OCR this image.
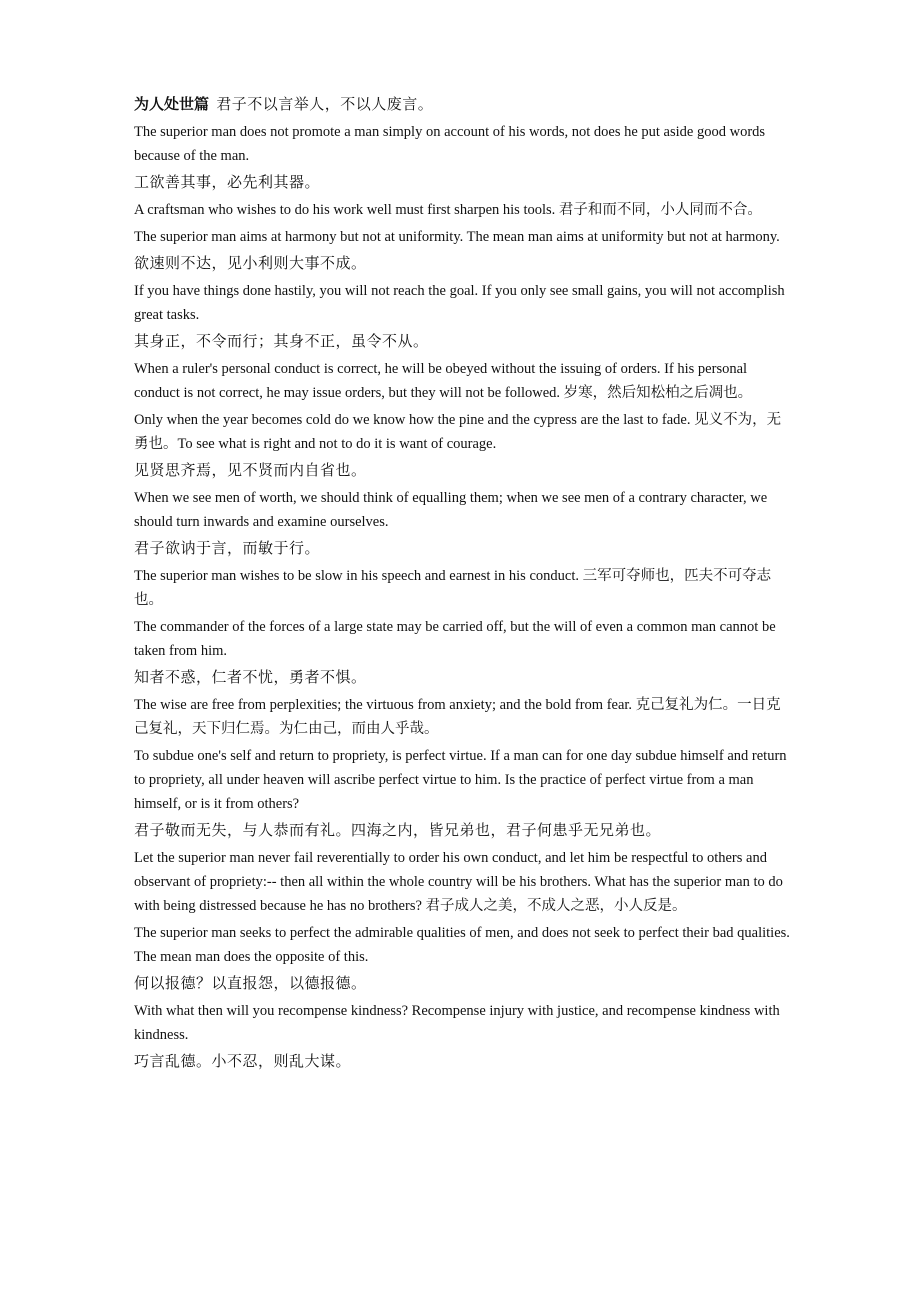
为人处世篇 君子不以言举人，不以人废言。

The superior man does not promote a man simply on account of his words, not does he put aside good words because of the man.

工欲善其事，必先利其器。

A craftsman who wishes to do his work well must first sharpen his tools. 君子和而不同，小人同而不合。

The superior man aims at harmony but not at uniformity. The mean man aims at uniformity but not at harmony.

欲速则不达，见小利则大事不成。

If you have things done hastily, you will not reach the goal. If you only see small gains, you will not accomplish great tasks.

其身正，不令而行；其身不正，虽令不从。

When a ruler's personal conduct is correct, he will be obeyed without the issuing of orders. If his personal conduct is not correct, he may issue orders, but they will not be followed. 岁寒，然后知松柏之后凋也。

Only when the year becomes cold do we know how the pine and the cypress are the last to fade. 见义不为，无勇也。To see what is right and not to do it is want of courage.

见贤思齐焉，见不贤而内自省也。

When we see men of worth, we should think of equalling them; when we see men of a contrary character, we should turn inwards and examine ourselves.

君子欲讷于言，而敏于行。

The superior man wishes to be slow in his speech and earnest in his conduct. 三军可夺师也，匹夫不可夺志也。

The commander of the forces of a large state may be carried off, but the will of even a common man cannot be taken from him.

知者不惑，仁者不忧，勇者不惧。

The wise are free from perplexities; the virtuous from anxiety; and the bold from fear. 克己复礼为仁。一日克己复礼，天下归仁焉。为仁由己，而由人乎哉。

To subdue one's self and return to propriety, is perfect virtue. If a man can for one day subdue himself and return to propriety, all under heaven will ascribe perfect virtue to him. Is the practice of perfect virtue from a man himself, or is it from others?

君子敬而无失，与人恭而有礼。四海之内，皆兄弟也，君子何患乎无兄弟也。

Let the superior man never fail reverentially to order his own conduct, and let him be respectful to others and observant of propriety:-- then all within the whole country will be his brothers. What has the superior man to do with being distressed because he has no brothers? 君子成人之美，不成人之恶，小人反是。

The superior man seeks to perfect the admirable qualities of men, and does not seek to perfect their bad qualities. The mean man does the opposite of this.

何以报德？以直报怨，以德报德。

With what then will you recompense kindness? Recompense injury with justice, and recompense kindness with kindness.

巧言乱德。小不忍，则乱大谋。
